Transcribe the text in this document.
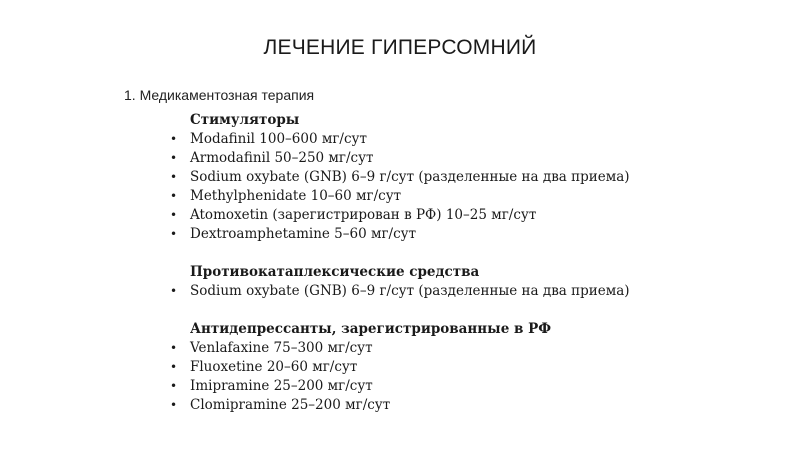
ЛЕЧЕНИЕ ГИПЕРСОМНИЙ
1. Медикаментозная терапия
Стимуляторы
• Modafinil 100–600 мг/сут
• Armodafinil 50–250 мг/сут
• Sodium oxybate (GNB) 6–9 г/сут (разделенные на два приема)
• Methylphenidate 10–60 мг/сут
• Atomoxetin (зарегистрирован в РФ) 10–25 мг/сут
• Dextroamphetamine 5–60 мг/сут
Противокатаплексические средства
• Sodium oxybate (GNB) 6–9 г/сут (разделенные на два приема)
Антидепрессанты, зарегистрированные в РФ
• Venlafaxine 75–300 мг/сут
• Fluoxetine 20–60 мг/сут
• Imipramine 25–200 мг/сут
• Clomipramine 25–200 мг/сут
